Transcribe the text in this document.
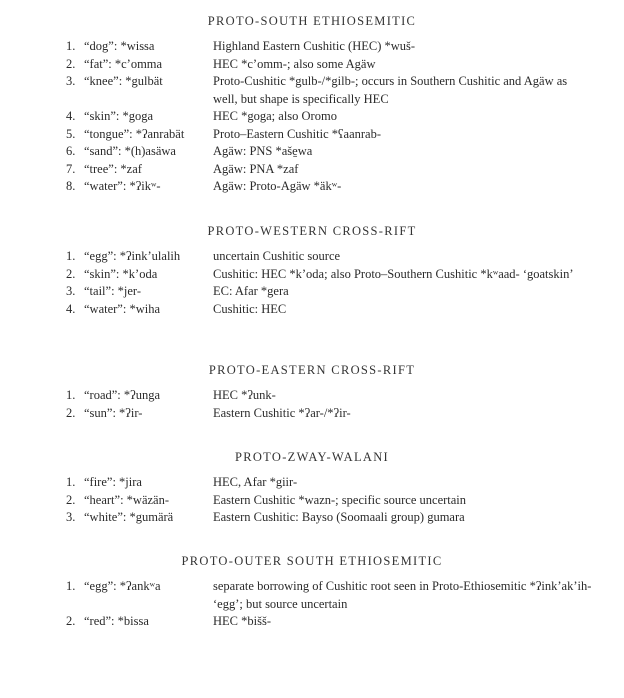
PROTO-SOUTH ETHIOSEMITIC
1. “dog”: *wissa	Highland Eastern Cushitic (HEC) *wuš-
2. “fat”: *c’omma	HEC *c’omm-; also some Agäw
3. “knee”: *gulbät	Proto-Cushitic *gulb-/*gilb-; occurs in Southern Cushitic and Agäw as well, but shape is specifically HEC
4. “skin”: *goga	HEC *goga; also Oromo
5. “tongue”: *ʔanrabät	Proto–Eastern Cushitic *ʕaanrab-
6. “sand”: *(h)asäwa	Agäw: PNS *aše̱wa
7. “tree”: *zaf	Agäw: PNA *zaf
8. “water”: *ʔikʷ-	Agäw: Proto-Agäw *äkʷ-
PROTO-WESTERN CROSS-RIFT
1. “egg”: *ʔink’ulalih	uncertain Cushitic source
2. “skin”: *k’oda	Cushitic: HEC *k’oda; also Proto–Southern Cushitic *kʷaad- ‘goatskin’
3. “tail”: *jer-	EC: Afar *gera
4. “water”: *wiha	Cushitic: HEC
PROTO-EASTERN CROSS-RIFT
1. “road”: *ʔunga	HEC *ʔunk-
2. “sun”: *ʔir-	Eastern Cushitic *ʔar-/*ʔir-
PROTO-ZWAY-WALANI
1. “fire”: *jira	HEC, Afar *giir-
2. “heart”: *wäzän-	Eastern Cushitic *wazn-; specific source uncertain
3. “white”: *gumärä	Eastern Cushitic: Bayso (Soomaali group) gumara
PROTO-OUTER SOUTH ETHIOSEMITIC
1. “egg”: *ʔankʷa	separate borrowing of Cushitic root seen in Proto-Ethiosemitic *ʔink’ak’ih- ‘egg’; but source uncertain
2. “red”: *bissa	HEC *bišš-
